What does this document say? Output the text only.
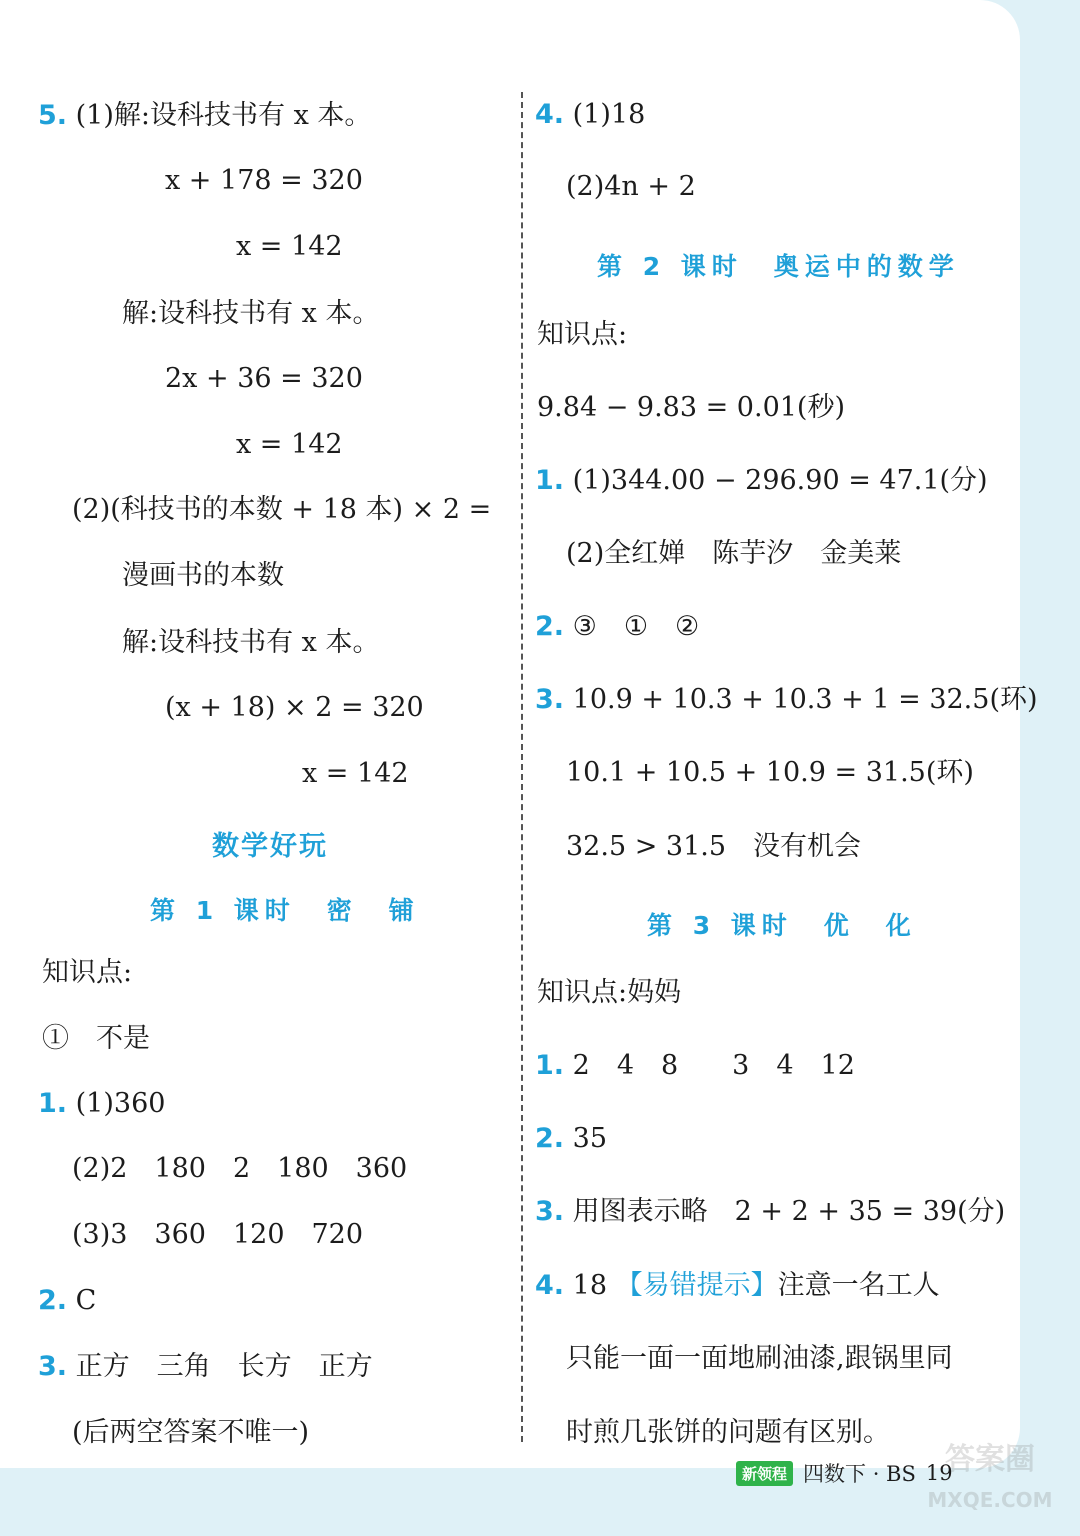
5. (1)解:设科技书有 x 本。
x + 178 = 320
x = 142
解:设科技书有 x 本。
2x + 36 = 320
x = 142
(2)(科技书的本数 + 18 本) × 2 =
漫画书的本数
解:设科技书有 x 本。
(x + 18) × 2 = 320
x = 142
数学好玩
第 1 课时　密　铺
知识点:
①　不是
1. (1)360
(2)2　180　2　180　360
(3)3　360　120　720
2. C
3. 正方　三角　长方　正方
(后两空答案不唯一)
4. (1)18
(2)4n + 2
第 2 课时　奥运中的数学
知识点:
9.84 − 9.83 = 0.01(秒)
1. (1)344.00 − 296.90 = 47.1(分)
(2)全红婵　陈芋汐　金美莱
2. ③　①　②
3. 10.9 + 10.3 + 10.3 + 1 = 32.5(环)
10.1 + 10.5 + 10.9 = 31.5(环)
32.5 > 31.5　没有机会
第 3 课时　优　化
知识点:妈妈
1. 2　4　8　　3　4　12
2. 35
3. 用图表示略　2 + 2 + 35 = 39(分)
4. 18 【易错提示】注意一名工人
只能一面一面地刷油漆,跟锅里同
时煎几张饼的问题有区别。
新领程 四数下 · BS 19
答案圈
MXQE.COM
